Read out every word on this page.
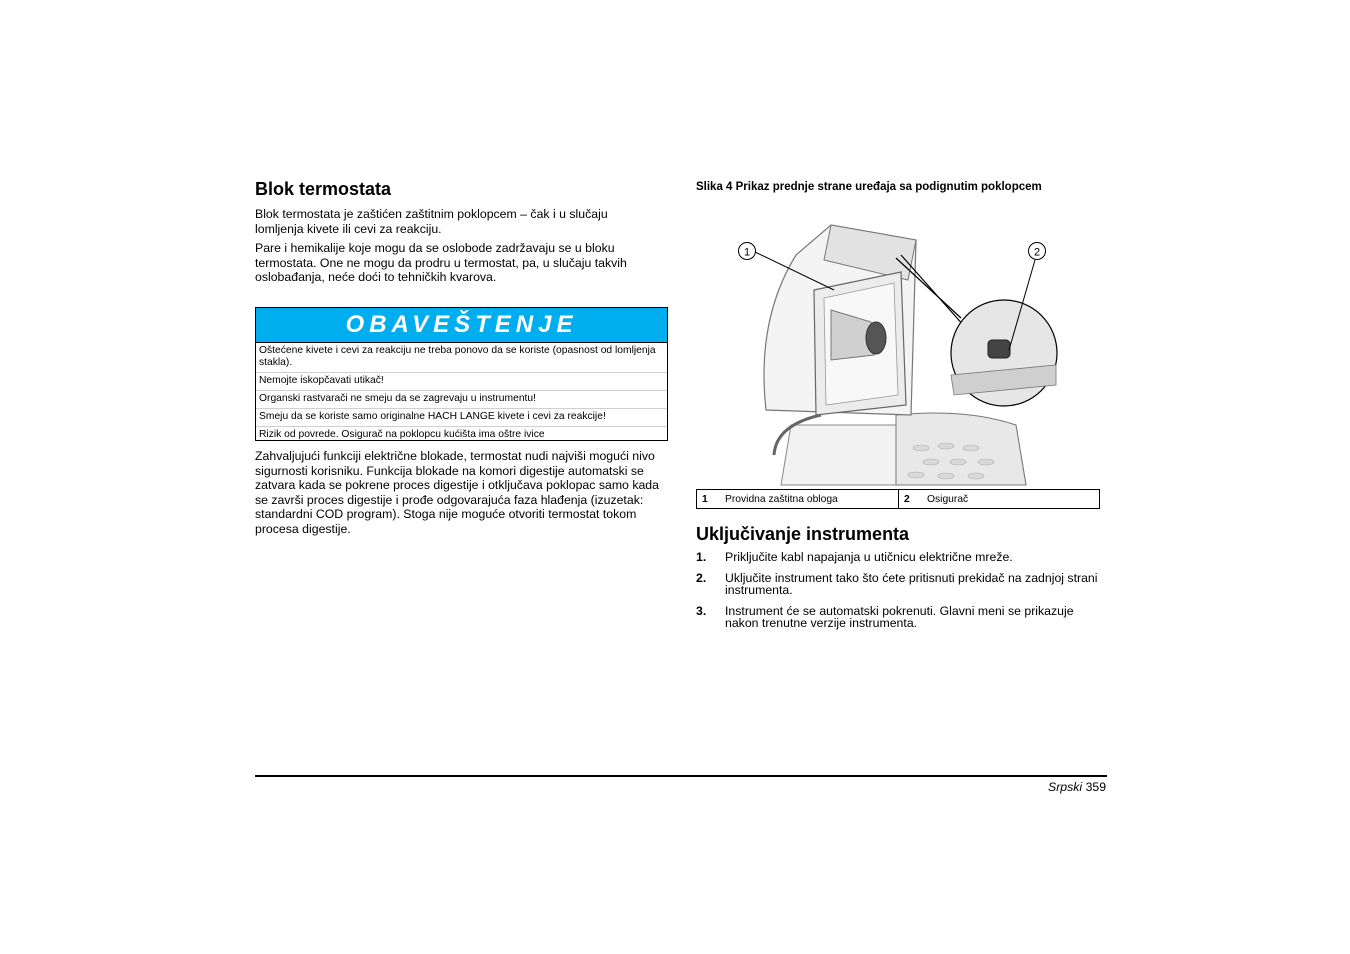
Blok termostata

Blok termostata je zaštićen zaštitnim poklopcem – čak i u slučaju lomljenja kivete ili cevi za reakciju.

Pare i hemikalije koje mogu da se oslobode zadržavaju se u bloku termostata. One ne mogu da prodru u termostat, pa, u slučaju takvih oslobađanja, neće doći to tehničkih kvarova.

OBAVEŠTENJE
Oštećene kivete i cevi za reakciju ne treba ponovo da se koriste (opasnost od lomljenja stakla).
Nemojte iskopčavati utikač!
Organski rastvarači ne smeju da se zagrevaju u instrumentu!
Smeju da se koriste samo originalne HACH LANGE kivete i cevi za reakcije!
Rizik od povrede. Osigurač na poklopcu kućišta ima oštre ivice

Zahvaljujući funkciji električne blokade, termostat nudi najviši mogući nivo sigurnosti korisniku. Funkcija blokade na komori digestije automatski se zatvara kada se pokrene proces digestije i otključava poklopac samo kada se završi proces digestije i prođe odgovarajuća faza hlađenja (izuzetak: standardni COD program). Stoga nije moguće otvoriti termostat tokom procesa digestije.

Slika 4 Prikaz prednje strane uređaja sa podignutim poklopcem
1	2
1	Providna zaštitna obloga	2	Osigurač
Uključivanje instrumenta
1.	Priključite kabl napajanja u utičnicu električne mreže.
2.	Uključite instrument tako što ćete pritisnuti prekidač na zadnjoj strani instrumenta.
3.	Instrument će se automatski pokrenuti. Glavni meni se prikazuje nakon trenutne verzije instrumenta.
Srpski 359
